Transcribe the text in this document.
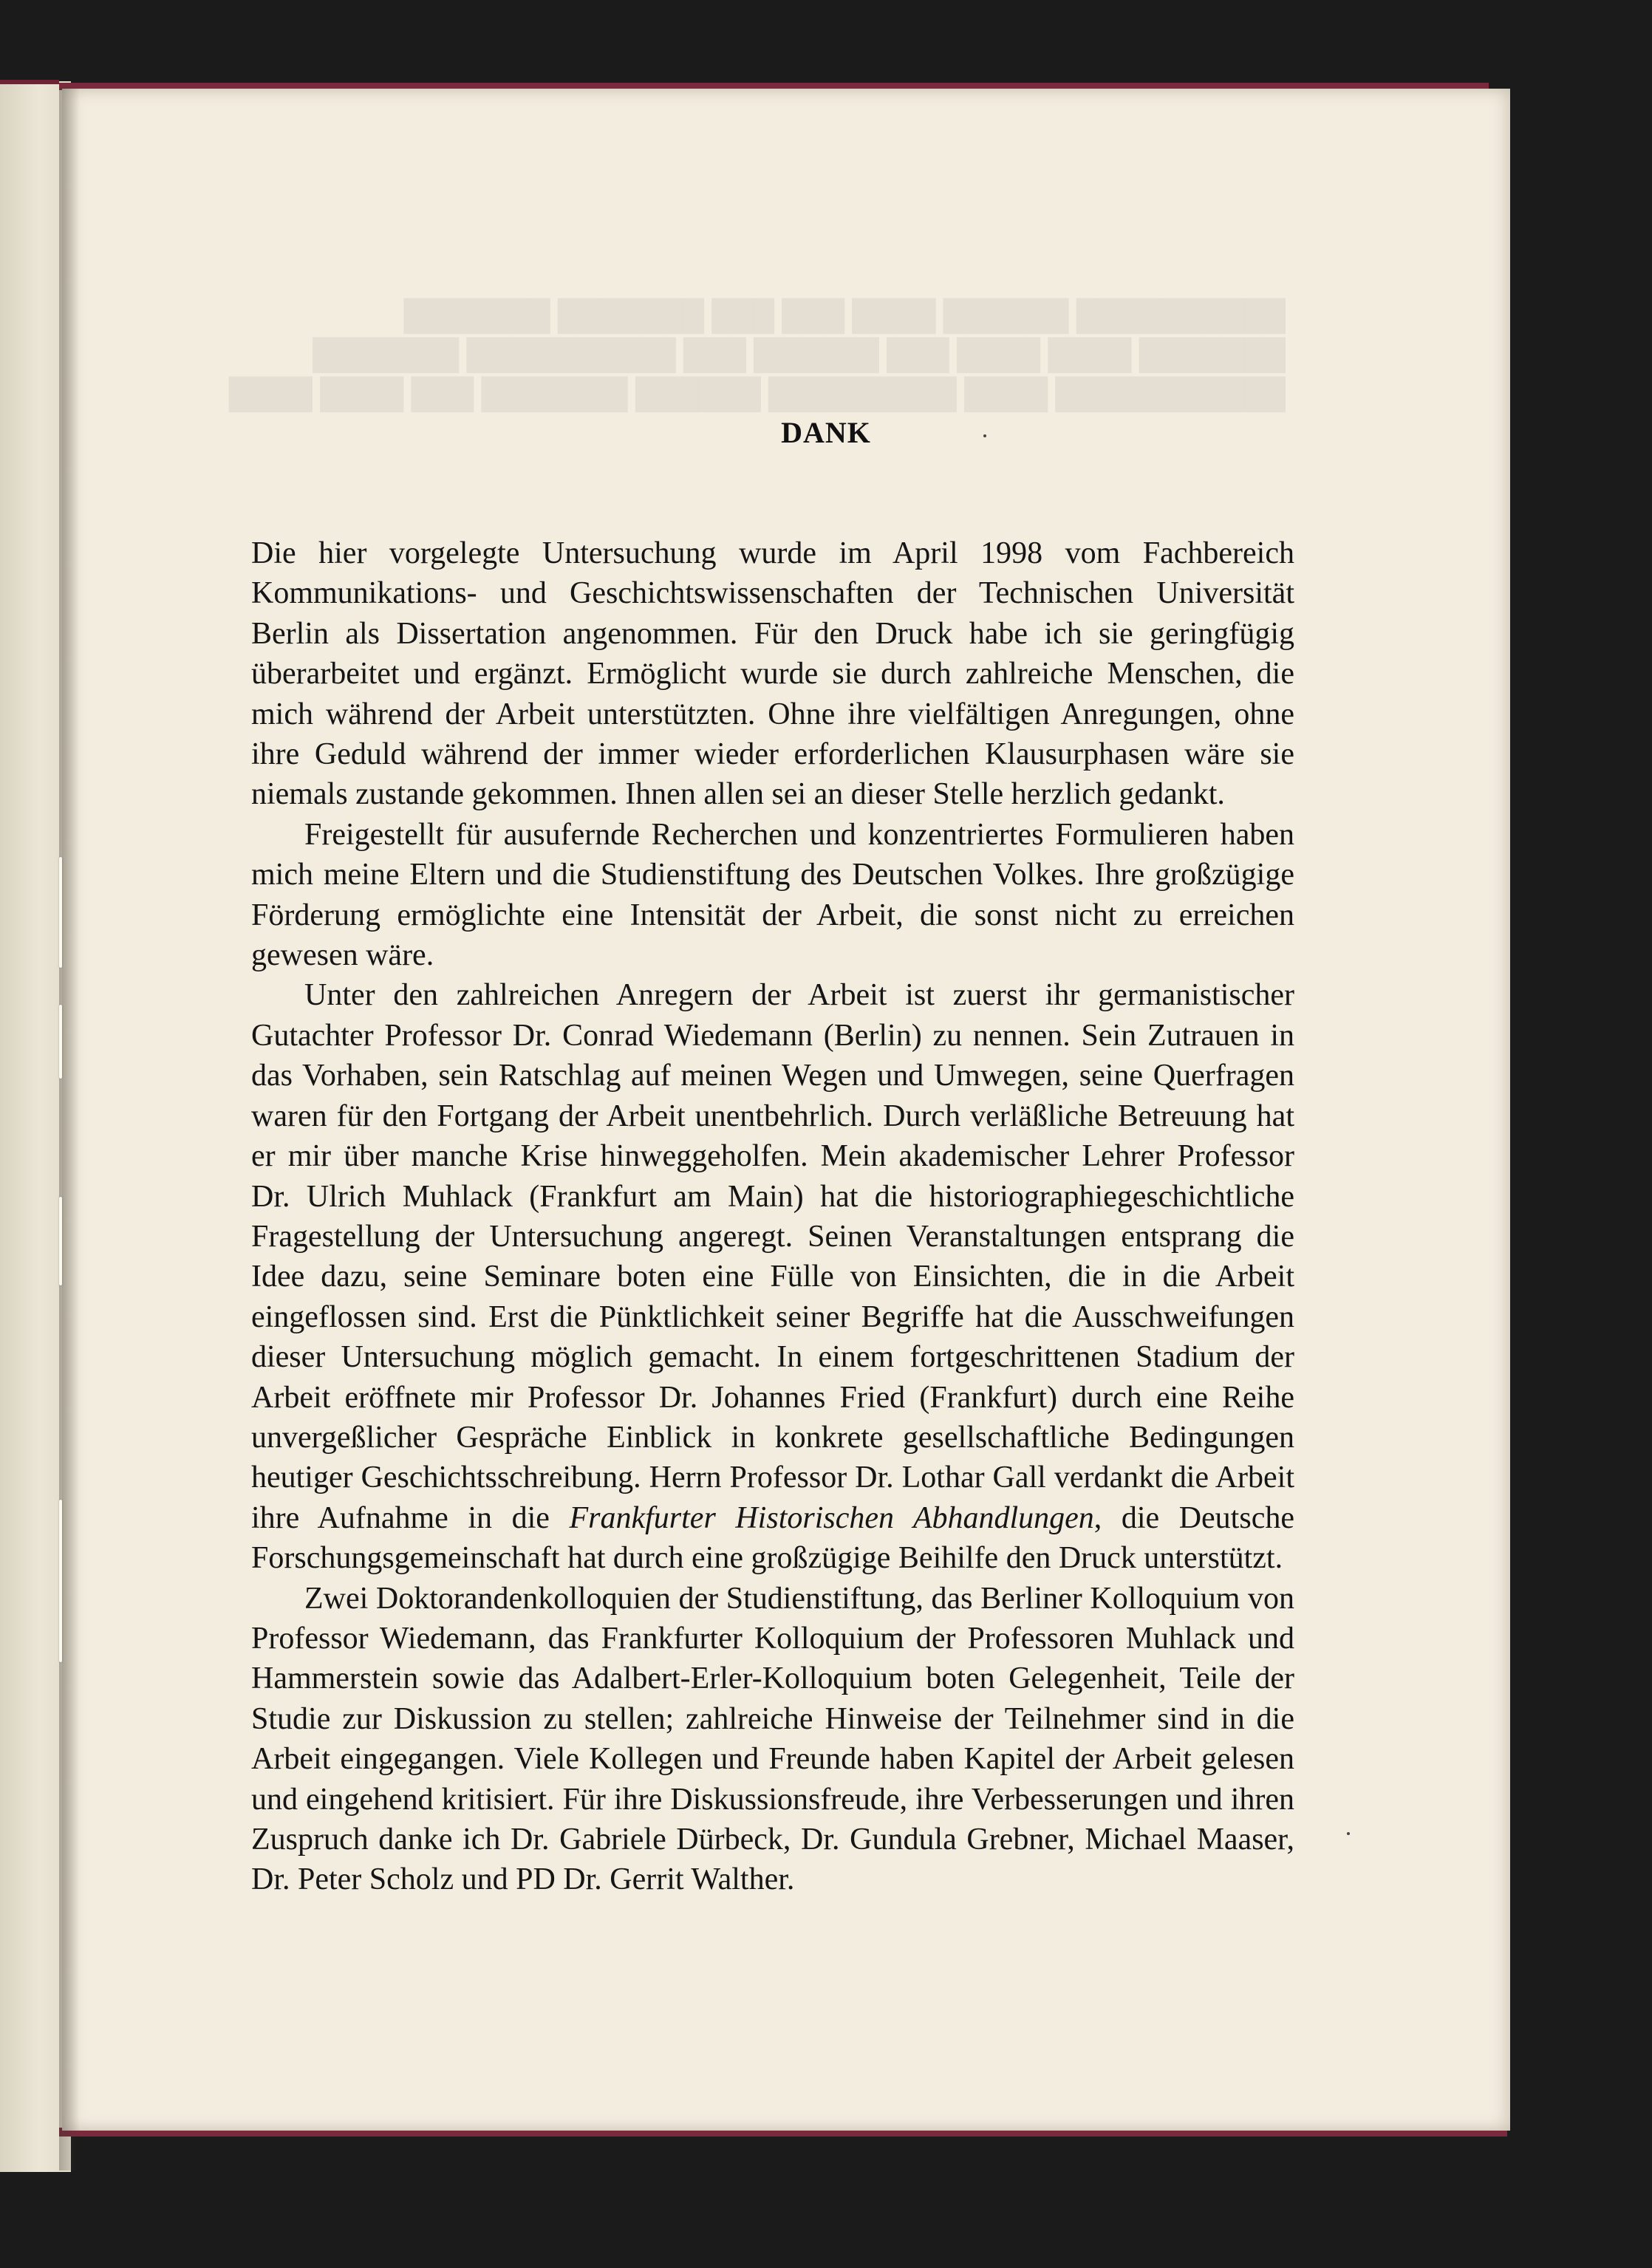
██████████ ██████ ████ ███ ███ ███████ ███████
███████ ████ ████ ███ ██████ ███ ██████████ ███████
███████████ ████ █████████ ██████ ███████ ███ ████ ████
DANK

Die hier vorgelegte Untersuchung wurde im April 1998 vom Fachbereich Kommunikations- und Geschichtswissenschaften der Technischen Universität Berlin als Dissertation angenommen. Für den Druck habe ich sie geringfügig überarbeitet und ergänzt. Ermöglicht wurde sie durch zahlreiche Menschen, die mich während der Arbeit unterstützten. Ohne ihre vielfältigen Anregungen, ohne ihre Geduld während der immer wieder erforderlichen Klausurphasen wäre sie niemals zustande gekommen. Ihnen allen sei an dieser Stelle herzlich gedankt.

Freigestellt für ausufernde Recherchen und konzentriertes Formulieren haben mich meine Eltern und die Studienstiftung des Deutschen Volkes. Ihre großzügige Förderung ermöglichte eine Intensität der Arbeit, die sonst nicht zu erreichen gewesen wäre.

Unter den zahlreichen Anregern der Arbeit ist zuerst ihr germanistischer Gutachter Professor Dr. Conrad Wiedemann (Berlin) zu nennen. Sein Zutrauen in das Vorhaben, sein Ratschlag auf meinen Wegen und Umwegen, seine Querfragen waren für den Fortgang der Arbeit unentbehrlich. Durch verläßliche Betreuung hat er mir über manche Krise hinweggeholfen. Mein akademischer Lehrer Professor Dr. Ulrich Muhlack (Frankfurt am Main) hat die historiographiegeschichtliche Fragestellung der Untersuchung angeregt. Seinen Veranstaltungen entsprang die Idee dazu, seine Seminare boten eine Fülle von Einsichten, die in die Arbeit eingeflossen sind. Erst die Pünktlichkeit seiner Begriffe hat die Ausschweifungen dieser Untersuchung möglich gemacht. In einem fortgeschrittenen Stadium der Arbeit eröffnete mir Professor Dr. Johannes Fried (Frankfurt) durch eine Reihe unvergeßlicher Gespräche Einblick in konkrete gesellschaftliche Bedingungen heutiger Geschichtsschreibung. Herrn Professor Dr. Lothar Gall verdankt die Arbeit ihre Aufnahme in die Frankfurter Historischen Abhandlungen, die Deutsche Forschungsgemeinschaft hat durch eine großzügige Beihilfe den Druck unterstützt.

Zwei Doktorandenkolloquien der Studienstiftung, das Berliner Kolloquium von Professor Wiedemann, das Frankfurter Kolloquium der Professoren Muhlack und Hammerstein sowie das Adalbert-Erler-Kolloquium boten Gelegenheit, Teile der Studie zur Diskussion zu stellen; zahlreiche Hinweise der Teilnehmer sind in die Arbeit eingegangen. Viele Kollegen und Freunde haben Kapitel der Arbeit gelesen und eingehend kritisiert. Für ihre Diskussionsfreude, ihre Verbesserungen und ihren Zuspruch danke ich Dr. Gabriele Dürbeck, Dr. Gundula Grebner, Michael Maaser, Dr. Peter Scholz und PD Dr. Gerrit Walther.
